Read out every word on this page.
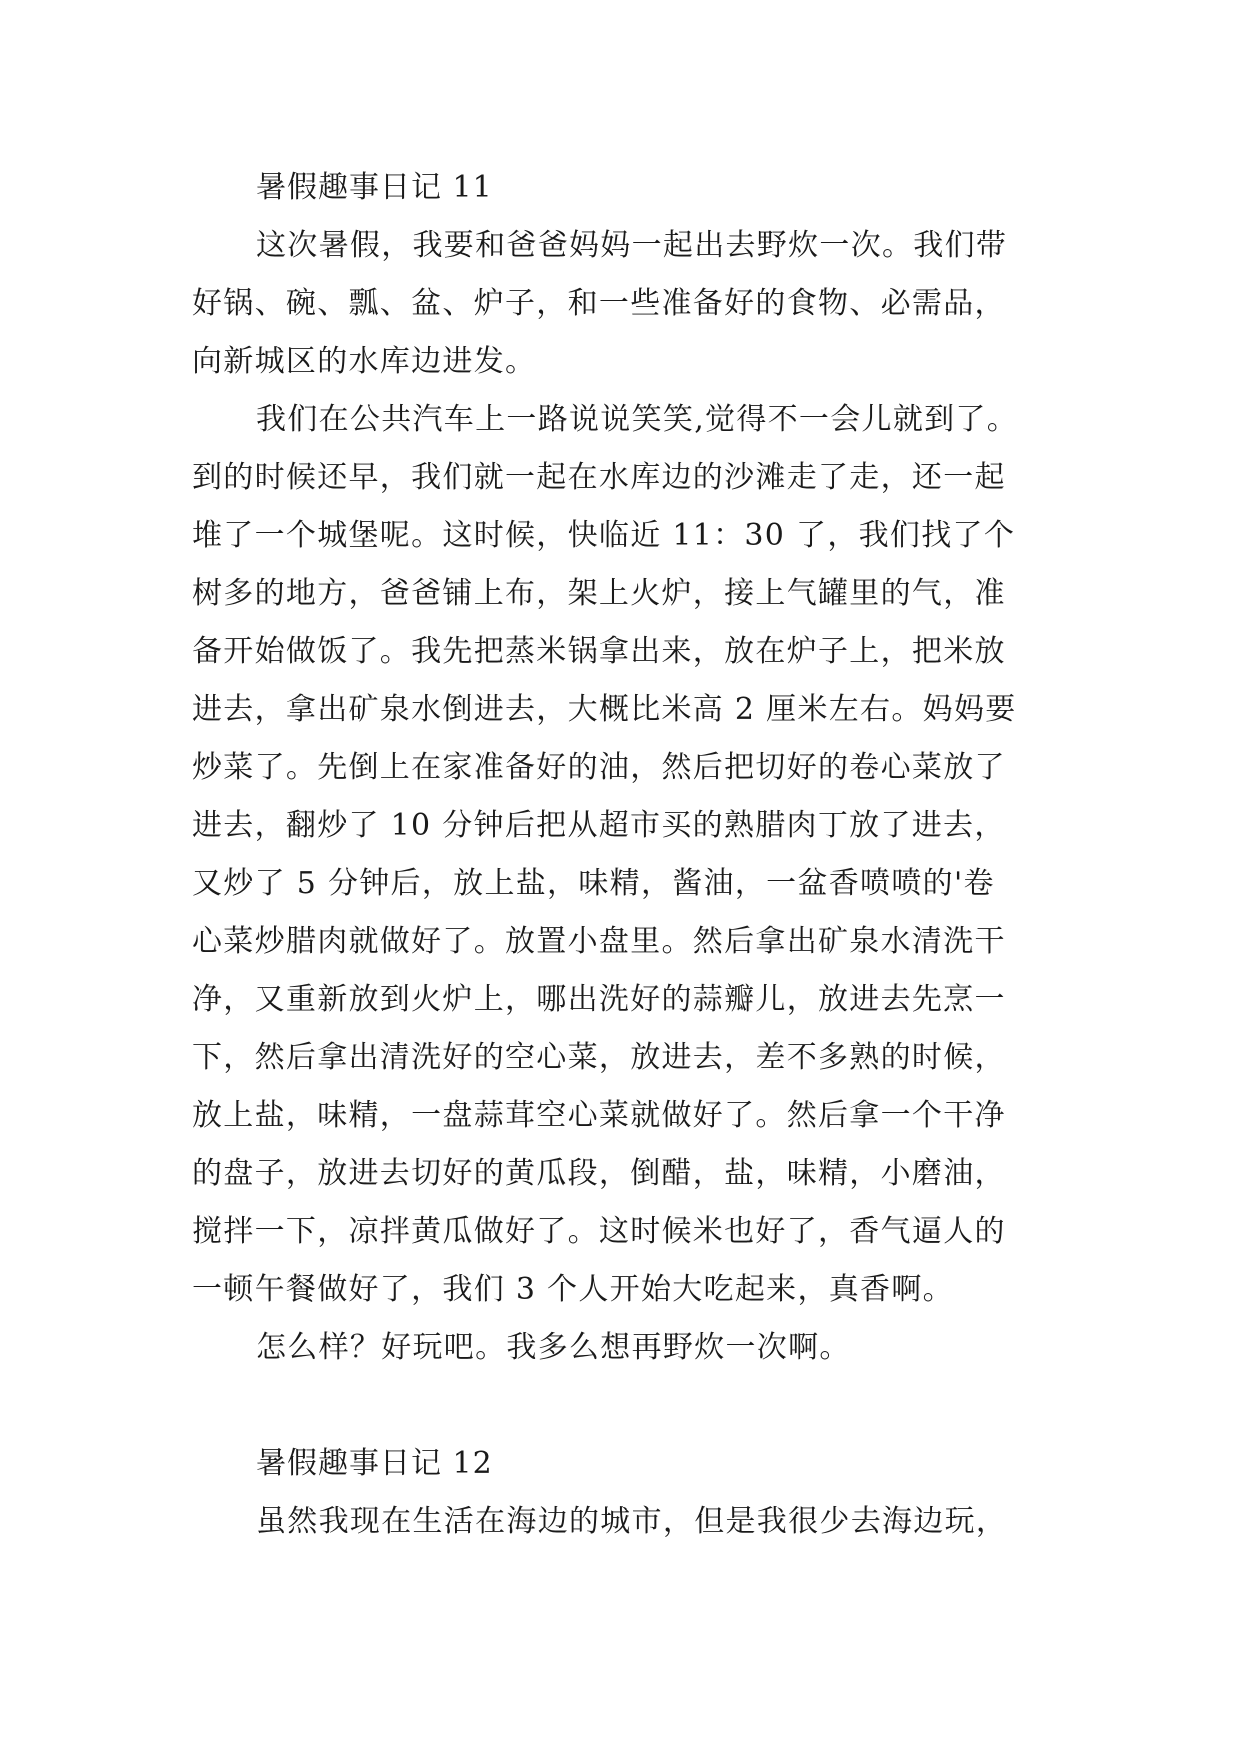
暑假趣事日记 11
这次暑假，我要和爸爸妈妈一起出去野炊一次。我们带
好锅、碗、瓢、盆、炉子，和一些准备好的食物、必需品，
向新城区的水库边进发。
我们在公共汽车上一路说说笑笑,觉得不一会儿就到了。
到的时候还早，我们就一起在水库边的沙滩走了走，还一起
堆了一个城堡呢。这时候，快临近 11：30 了，我们找了个
树多的地方，爸爸铺上布，架上火炉，接上气罐里的气，准
备开始做饭了。我先把蒸米锅拿出来，放在炉子上，把米放
进去，拿出矿泉水倒进去，大概比米高 2 厘米左右。妈妈要
炒菜了。先倒上在家准备好的油，然后把切好的卷心菜放了
进去，翻炒了 10 分钟后把从超市买的熟腊肉丁放了进去，
又炒了 5 分钟后，放上盐，味精，酱油，一盆香喷喷的'卷
心菜炒腊肉就做好了。放置小盘里。然后拿出矿泉水清洗干
净，又重新放到火炉上，哪出洗好的蒜瓣儿，放进去先烹一
下，然后拿出清洗好的空心菜，放进去，差不多熟的时候，
放上盐，味精，一盘蒜茸空心菜就做好了。然后拿一个干净
的盘子，放进去切好的黄瓜段，倒醋，盐，味精，小磨油，
搅拌一下，凉拌黄瓜做好了。这时候米也好了，香气逼人的
一顿午餐做好了，我们 3 个人开始大吃起来，真香啊。
怎么样？好玩吧。我多么想再野炊一次啊。
暑假趣事日记 12
虽然我现在生活在海边的城市，但是我很少去海边玩，
